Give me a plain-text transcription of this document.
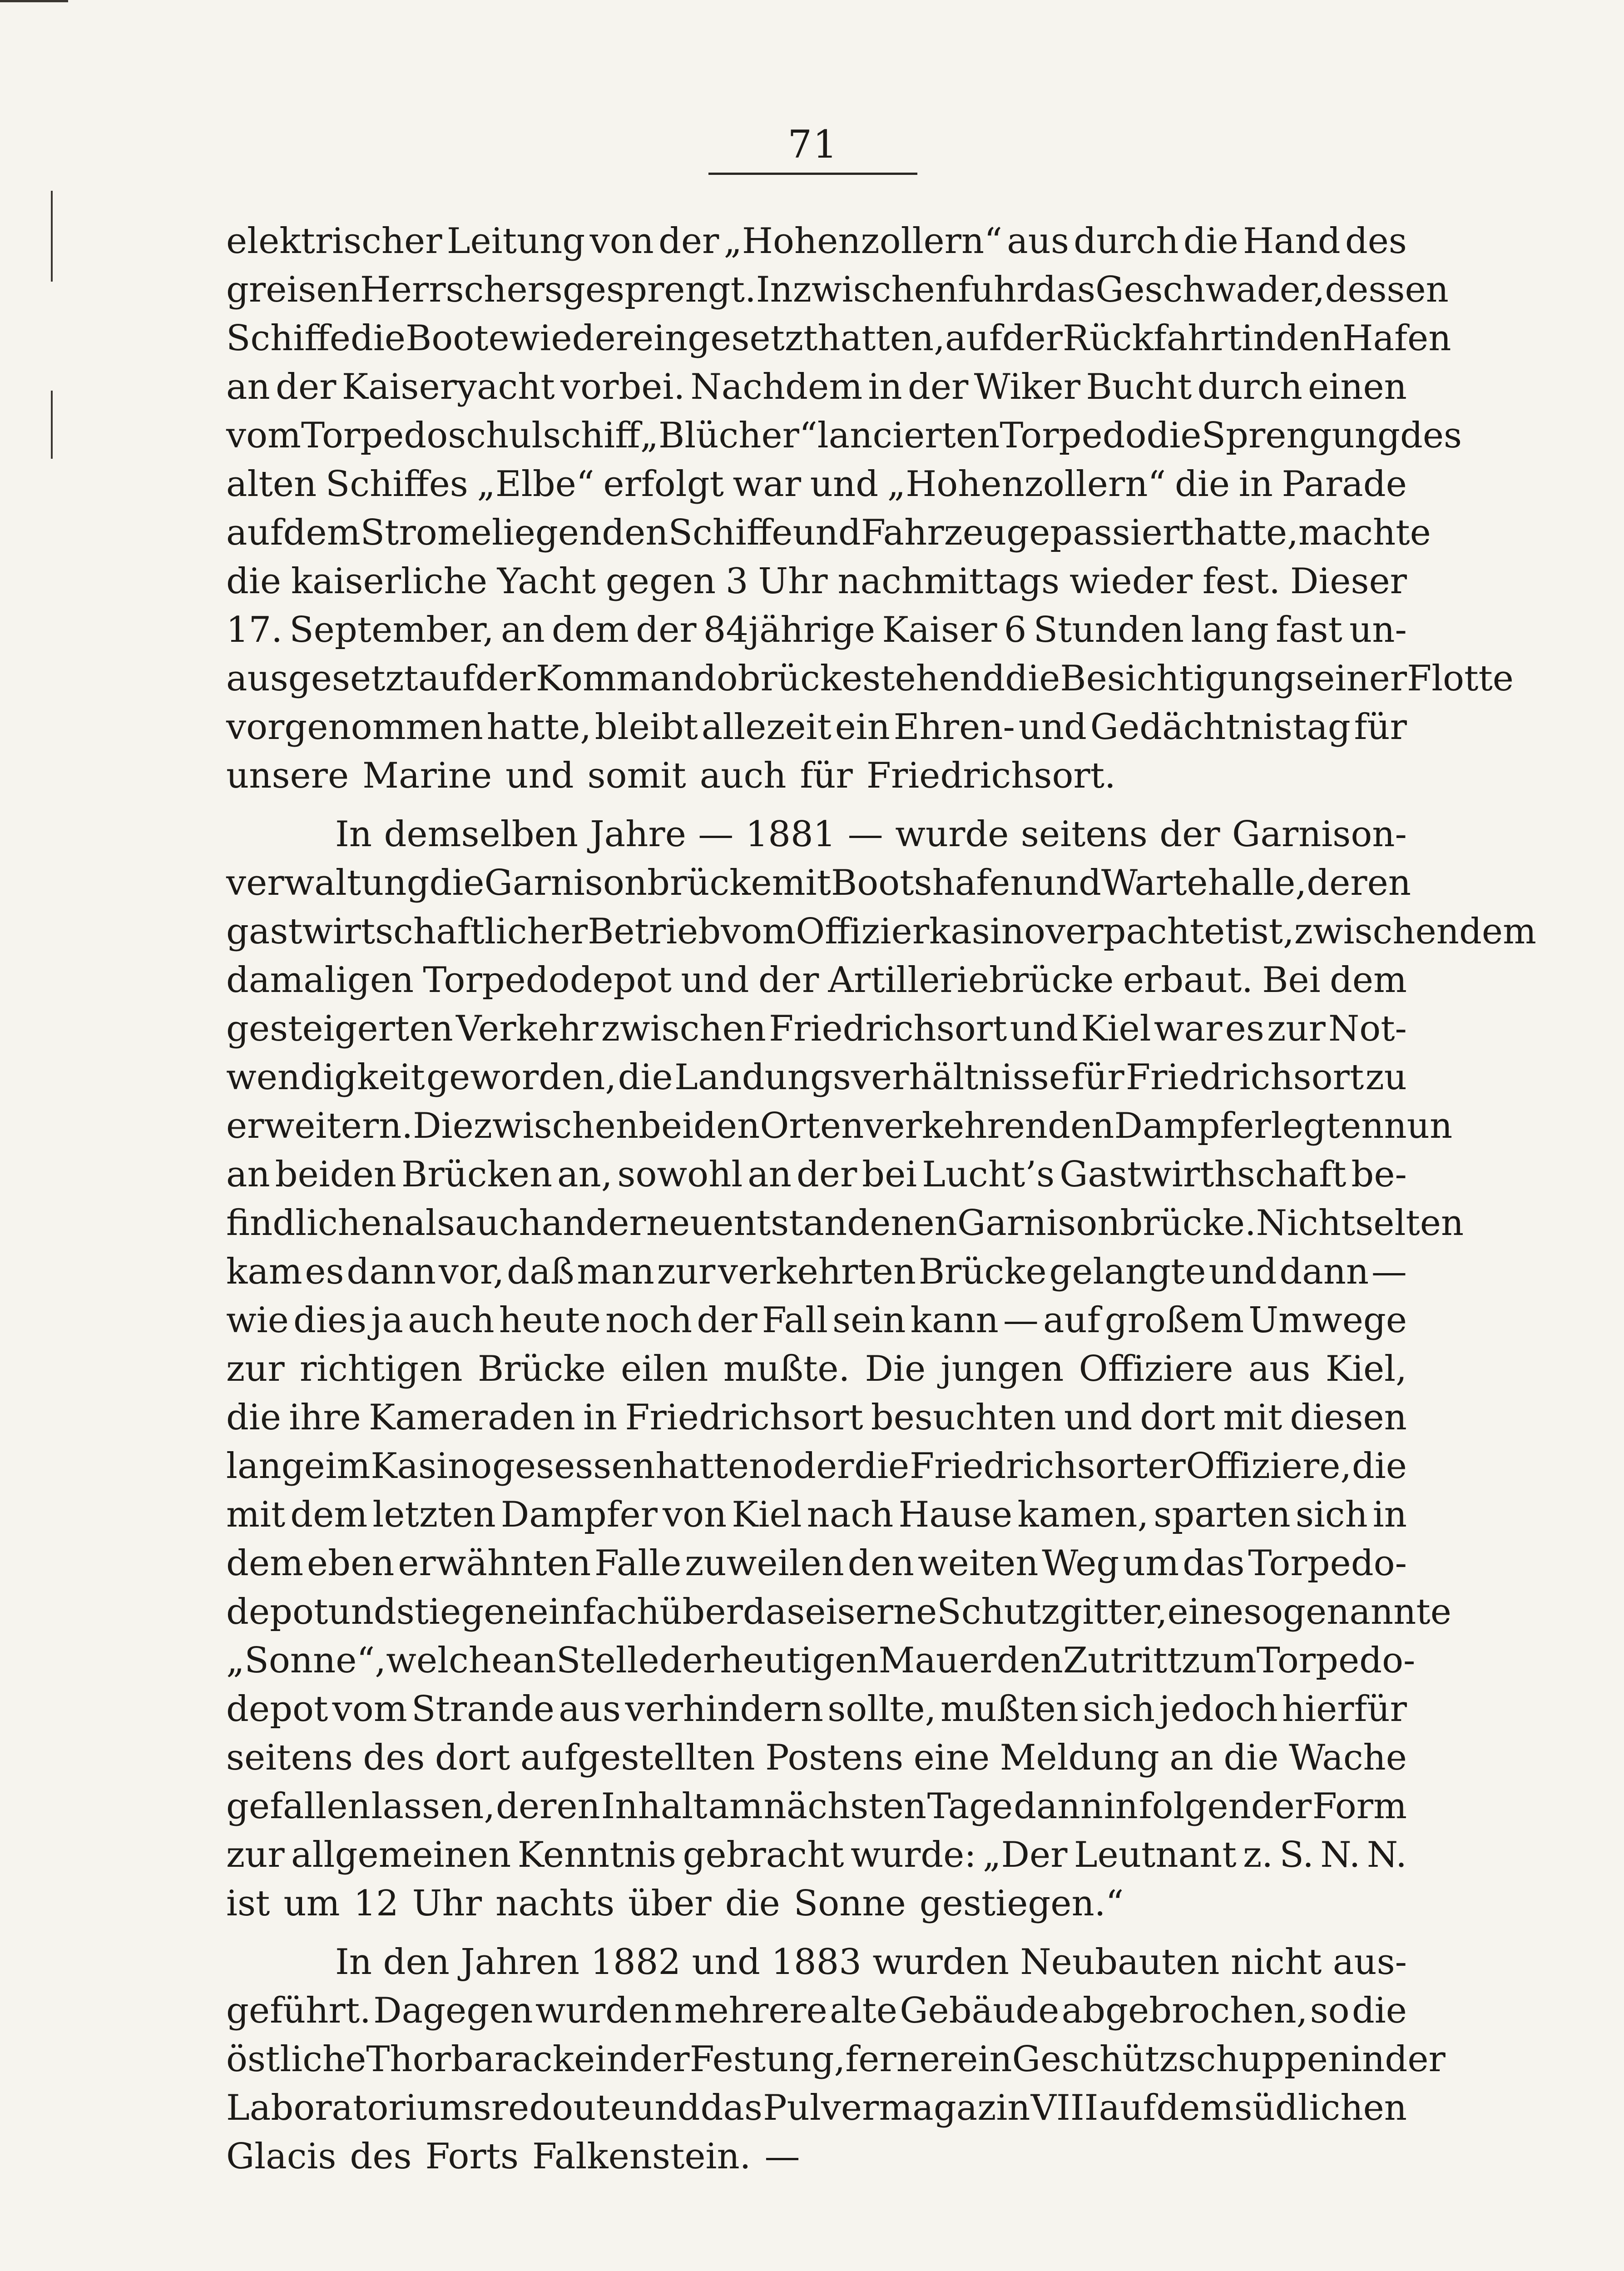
71
elektrischer Leitung von der „Hohenzollern“ aus durch die Hand des
greisen Herrschers gesprengt. Inzwischen fuhr das Geschwader, dessen
Schiffe die Boote wieder eingesetzt hatten, auf der Rückfahrt in den Hafen
an der Kaiseryacht vorbei. Nachdem in der Wiker Bucht durch einen
vom Torpedoschulschiff „Blücher“ lancierten Torpedo die Sprengung des
alten Schiffes „Elbe“ erfolgt war und „Hohenzollern“ die in Parade
auf dem Strome liegenden Schiffe und Fahrzeuge passiert hatte, machte
die kaiserliche Yacht gegen 3 Uhr nachmittags wieder fest. Dieser
17. September, an dem der 84jährige Kaiser 6 Stunden lang fast un-
ausgesetzt auf der Kommandobrücke stehend die Besichtigung seiner Flotte
vorgenommen hatte, bleibt allezeit ein Ehren- und Gedächtnistag für
unsere Marine und somit auch für Friedrichsort.
In demselben Jahre — 1881 — wurde seitens der Garnison-
verwaltung die Garnisonbrücke mit Bootshafen und Wartehalle, deren
gastwirtschaftlicher Betrieb vom Offizierkasino verpachtet ist, zwischen dem
damaligen Torpedodepot und der Artilleriebrücke erbaut. Bei dem
gesteigerten Verkehr zwischen Friedrichsort und Kiel war es zur Not-
wendigkeit geworden, die Landungsverhältnisse für Friedrichsort zu
erweitern. Die zwischen beiden Orten verkehrenden Dampfer legten nun
an beiden Brücken an, sowohl an der bei Lucht’s Gastwirthschaft be-
findlichen als auch an der neu entstandenen Garnisonbrücke. Nicht selten
kam es dann vor, daß man zur verkehrten Brücke gelangte und dann —
wie dies ja auch heute noch der Fall sein kann — auf großem Umwege
zur richtigen Brücke eilen mußte. Die jungen Offiziere aus Kiel,
die ihre Kameraden in Friedrichsort besuchten und dort mit diesen
lange im Kasino gesessen hatten oder die Friedrichsorter Offiziere, die
mit dem letzten Dampfer von Kiel nach Hause kamen, sparten sich in
dem eben erwähnten Falle zuweilen den weiten Weg um das Torpedo-
depot und stiegen einfach über das eiserne Schutzgitter, eine sogenannte
„Sonne“, welche an Stelle der heutigen Mauer den Zutritt zum Torpedo-
depot vom Strande aus verhindern sollte, mußten sich jedoch hierfür
seitens des dort aufgestellten Postens eine Meldung an die Wache
gefallen lassen, deren Inhalt am nächsten Tage dann in folgender Form
zur allgemeinen Kenntnis gebracht wurde: „Der Leutnant z. S. N. N.
ist um 12 Uhr nachts über die Sonne gestiegen.“
In den Jahren 1882 und 1883 wurden Neubauten nicht aus-
geführt. Dagegen wurden mehrere alte Gebäude abgebrochen, so die
östliche Thorbaracke in der Festung, ferner ein Geschützschuppen in der
Laboratoriumsredoute und das Pulvermagazin VIII auf dem südlichen
Glacis des Forts Falkenstein. —
